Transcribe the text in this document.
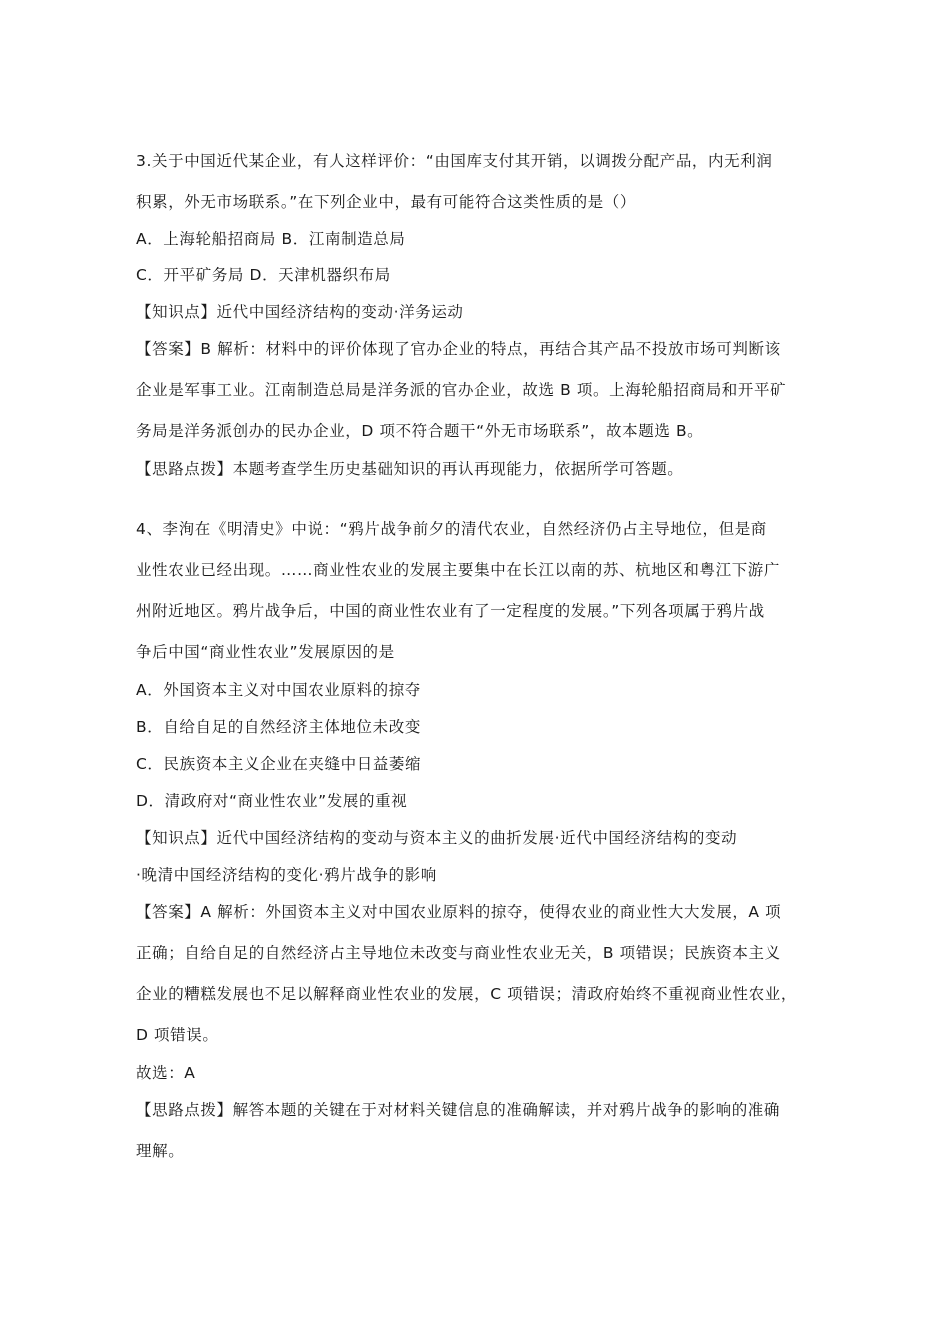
3.关于中国近代某企业，有人这样评价：“由国库支付其开销，以调拨分配产品，内无利润

积累，外无市场联系。”在下列企业中，最有可能符合这类性质的是（）

A．上海轮船招商局 B．江南制造总局

C．开平矿务局 D．天津机器织布局

【知识点】近代中国经济结构的变动·洋务运动

【答案】B 解析：材料中的评价体现了官办企业的特点，再结合其产品不投放市场可判断该

企业是军事工业。江南制造总局是洋务派的官办企业，故选 B 项。上海轮船招商局和开平矿

务局是洋务派创办的民办企业，D 项不符合题干“外无市场联系”，故本题选 B。

【思路点拨】本题考查学生历史基础知识的再认再现能力，依据所学可答题。

4、李洵在《明清史》中说：“鸦片战争前夕的清代农业，自然经济仍占主导地位，但是商

业性农业已经出现。……商业性农业的发展主要集中在长江以南的苏、杭地区和粤江下游广

州附近地区。鸦片战争后，中国的商业性农业有了一定程度的发展。”下列各项属于鸦片战

争后中国“商业性农业”发展原因的是

A．外国资本主义对中国农业原料的掠夺

B．自给自足的自然经济主体地位未改变

C．民族资本主义企业在夹缝中日益萎缩

D．清政府对“商业性农业”发展的重视

【知识点】近代中国经济结构的变动与资本主义的曲折发展·近代中国经济结构的变动

·晚清中国经济结构的变化·鸦片战争的影响

【答案】A 解析：外国资本主义对中国农业原料的掠夺，使得农业的商业性大大发展，A 项

正确；自给自足的自然经济占主导地位未改变与商业性农业无关，B 项错误；民族资本主义

企业的糟糕发展也不足以解释商业性农业的发展，C 项错误；清政府始终不重视商业性农业，

D 项错误。

故选：A

【思路点拨】解答本题的关键在于对材料关键信息的准确解读，并对鸦片战争的影响的准确

理解。
